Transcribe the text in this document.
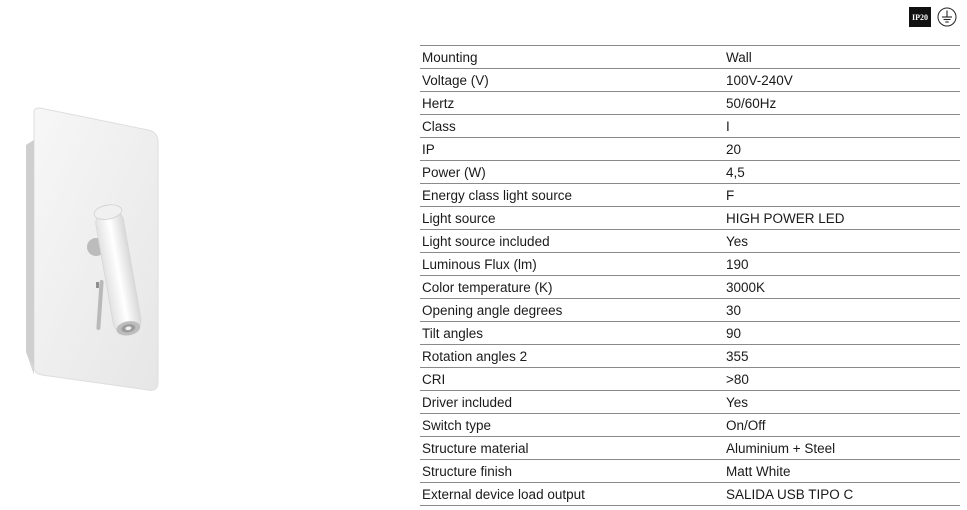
IP20
Mounting	Wall
Voltage (V)	100V-240V
Hertz	50/60Hz
Class	I
IP	20
Power (W)	4,5
Energy class light source	F
Light source	HIGH POWER LED
Light source included	Yes
Luminous Flux (lm)	190
Color temperature (K)	3000K
Opening angle degrees	30
Tilt angles	90
Rotation angles 2	355
CRI	>80
Driver included	Yes
Switch type	On/Off
Structure material	Aluminium + Steel
Structure finish	Matt White
External device load output	SALIDA USB TIPO C
